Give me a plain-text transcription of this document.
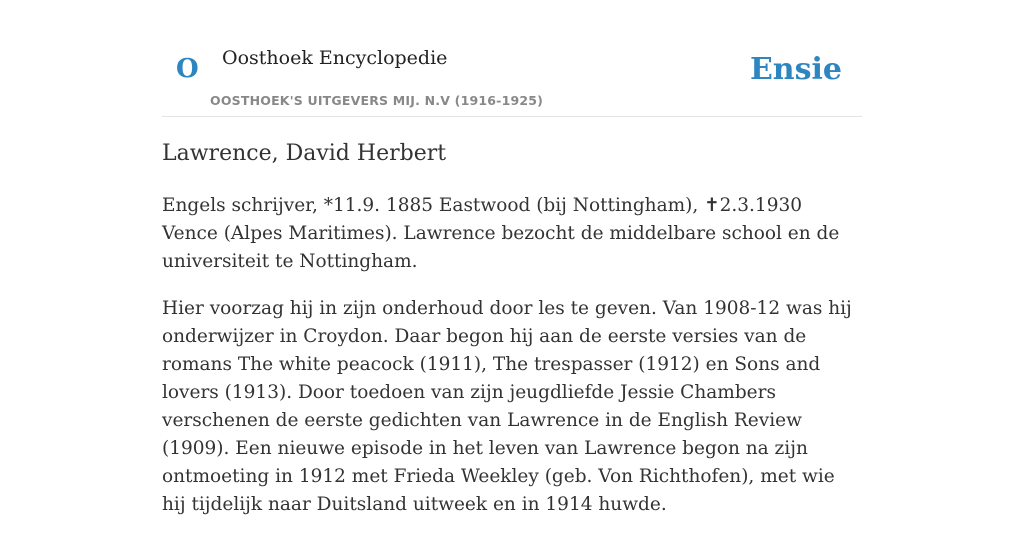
O Oosthoek Encyclopedie
OOSTHOEK'S UITGEVERS MIJ. N.V (1916-1925)
Ensie
Lawrence, David Herbert

Engels schrijver, *11.9. 1885 Eastwood (bij Nottingham), ✝2.3.1930 Vence (Alpes Maritimes). Lawrence bezocht de middelbare school en de universiteit te Nottingham.

Hier voorzag hij in zijn onderhoud door les te geven. Van 1908-12 was hij onderwijzer in Croydon. Daar begon hij aan de eerste versies van de romans The white peacock (1911), The trespasser (1912) en Sons and lovers (1913). Door toedoen van zijn jeugdliefde Jessie Chambers verschenen de eerste gedichten van Lawrence in de English Review (1909). Een nieuwe episode in het leven van Lawrence begon na zijn ontmoeting in 1912 met Frieda Weekley (geb. Von Richthofen), met wie hij tijdelijk naar Duitsland uitweek en in 1914 huwde.
